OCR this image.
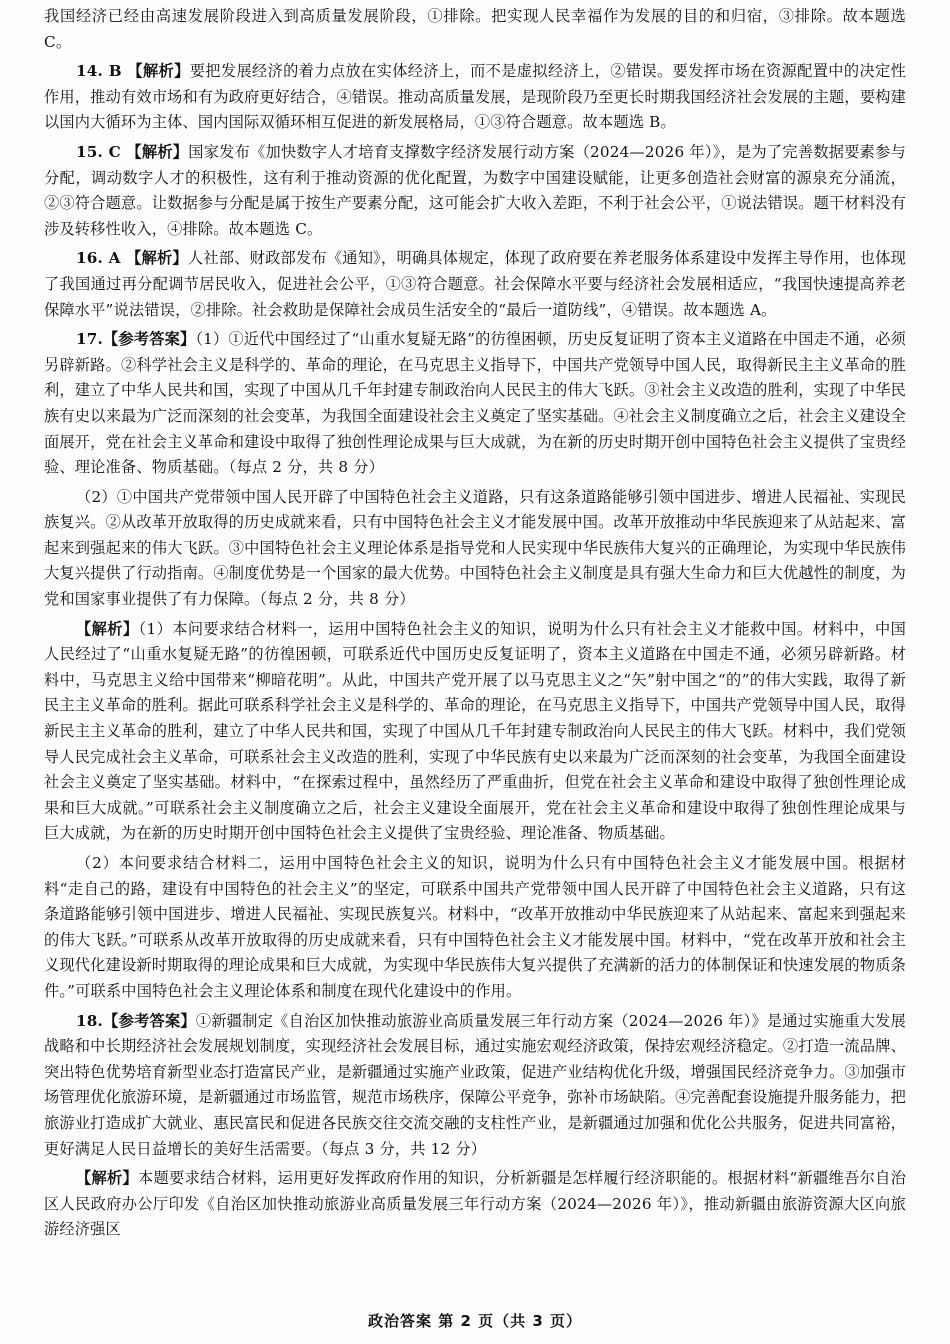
我国经济已经由高速发展阶段进入到高质量发展阶段，①排除。把实现人民幸福作为发展的目的和归宿，③排除。故本题选 C。

14. B 【解析】要把发展经济的着力点放在实体经济上，而不是虚拟经济上，②错误。要发挥市场在资源配置中的决定性作用，推动有效市场和有为政府更好结合，④错误。推动高质量发展，是现阶段乃至更长时期我国经济社会发展的主题，要构建以国内大循环为主体、国内国际双循环相互促进的新发展格局，①③符合题意。故本题选 B。

15. C 【解析】国家发布《加快数字人才培育支撑数字经济发展行动方案（2024—2026 年）》，是为了完善数据要素参与分配，调动数字人才的积极性，这有利于推动资源的优化配置，为数字中国建设赋能，让更多创造社会财富的源泉充分涌流，②③符合题意。让数据参与分配是属于按生产要素分配，这可能会扩大收入差距，不利于社会公平，①说法错误。题干材料没有涉及转移性收入，④排除。故本题选 C。

16. A 【解析】人社部、财政部发布《通知》，明确具体规定，体现了政府要在养老服务体系建设中发挥主导作用，也体现了我国通过再分配调节居民收入，促进社会公平，①③符合题意。社会保障水平要与经济社会发展相适应，“我国快速提高养老保障水平”说法错误，②排除。社会救助是保障社会成员生活安全的“最后一道防线”，④错误。故本题选 A。

17.【参考答案】（1）①近代中国经过了“山重水复疑无路”的彷徨困顿，历史反复证明了资本主义道路在中国走不通，必须另辟新路。②科学社会主义是科学的、革命的理论，在马克思主义指导下，中国共产党领导中国人民，取得新民主主义革命的胜利，建立了中华人民共和国，实现了中国从几千年封建专制政治向人民民主的伟大飞跃。③社会主义改造的胜利，实现了中华民族有史以来最为广泛而深刻的社会变革，为我国全面建设社会主义奠定了坚实基础。④社会主义制度确立之后，社会主义建设全面展开，党在社会主义革命和建设中取得了独创性理论成果与巨大成就，为在新的历史时期开创中国特色社会主义提供了宝贵经验、理论准备、物质基础。（每点 2 分，共 8 分）

（2）①中国共产党带领中国人民开辟了中国特色社会主义道路，只有这条道路能够引领中国进步、增进人民福祉、实现民族复兴。②从改革开放取得的历史成就来看，只有中国特色社会主义才能发展中国。改革开放推动中华民族迎来了从站起来、富起来到强起来的伟大飞跃。③中国特色社会主义理论体系是指导党和人民实现中华民族伟大复兴的正确理论，为实现中华民族伟大复兴提供了行动指南。④制度优势是一个国家的最大优势。中国特色社会主义制度是具有强大生命力和巨大优越性的制度，为党和国家事业提供了有力保障。（每点 2 分，共 8 分）

【解析】（1）本问要求结合材料一，运用中国特色社会主义的知识，说明为什么只有社会主义才能救中国。材料中，中国人民经过了“山重水复疑无路”的彷徨困顿，可联系近代中国历史反复证明了，资本主义道路在中国走不通，必须另辟新路。材料中，马克思主义给中国带来“柳暗花明”。从此，中国共产党开展了以马克思主义之“矢”射中国之“的”的伟大实践，取得了新民主主义革命的胜利。据此可联系科学社会主义是科学的、革命的理论，在马克思主义指导下，中国共产党领导中国人民，取得新民主主义革命的胜利，建立了中华人民共和国，实现了中国从几千年封建专制政治向人民民主的伟大飞跃。材料中，我们党领导人民完成社会主义革命，可联系社会主义改造的胜利，实现了中华民族有史以来最为广泛而深刻的社会变革，为我国全面建设社会主义奠定了坚实基础。材料中，“在探索过程中，虽然经历了严重曲折，但党在社会主义革命和建设中取得了独创性理论成果和巨大成就。”可联系社会主义制度确立之后，社会主义建设全面展开，党在社会主义革命和建设中取得了独创性理论成果与巨大成就，为在新的历史时期开创中国特色社会主义提供了宝贵经验、理论准备、物质基础。

（2）本问要求结合材料二，运用中国特色社会主义的知识，说明为什么只有中国特色社会主义才能发展中国。根据材料“走自己的路，建设有中国特色的社会主义”的坚定，可联系中国共产党带领中国人民开辟了中国特色社会主义道路，只有这条道路能够引领中国进步、增进人民福祉、实现民族复兴。材料中，“改革开放推动中华民族迎来了从站起来、富起来到强起来的伟大飞跃。”可联系从改革开放取得的历史成就来看，只有中国特色社会主义才能发展中国。材料中，“党在改革开放和社会主义现代化建设新时期取得的理论成果和巨大成就，为实现中华民族伟大复兴提供了充满新的活力的体制保证和快速发展的物质条件。”可联系中国特色社会主义理论体系和制度在现代化建设中的作用。

18.【参考答案】①新疆制定《自治区加快推动旅游业高质量发展三年行动方案（2024—2026 年）》是通过实施重大发展战略和中长期经济社会发展规划制度，实现经济社会发展目标，通过实施宏观经济政策，保持宏观经济稳定。②打造一流品牌、突出特色优势培育新型业态打造富民产业，是新疆通过实施产业政策，促进产业结构优化升级，增强国民经济竞争力。③加强市场管理优化旅游环境，是新疆通过市场监管，规范市场秩序，保障公平竞争，弥补市场缺陷。④完善配套设施提升服务能力，把旅游业打造成扩大就业、惠民富民和促进各民族交往交流交融的支柱性产业，是新疆通过加强和优化公共服务，促进共同富裕，更好满足人民日益增长的美好生活需要。（每点 3 分，共 12 分）

【解析】本题要求结合材料，运用更好发挥政府作用的知识，分析新疆是怎样履行经济职能的。根据材料“新疆维吾尔自治区人民政府办公厅印发《自治区加快推动旅游业高质量发展三年行动方案（2024—2026 年）》，推动新疆由旅游资源大区向旅游经济强区

政治答案 第 2 页（共 3 页）
